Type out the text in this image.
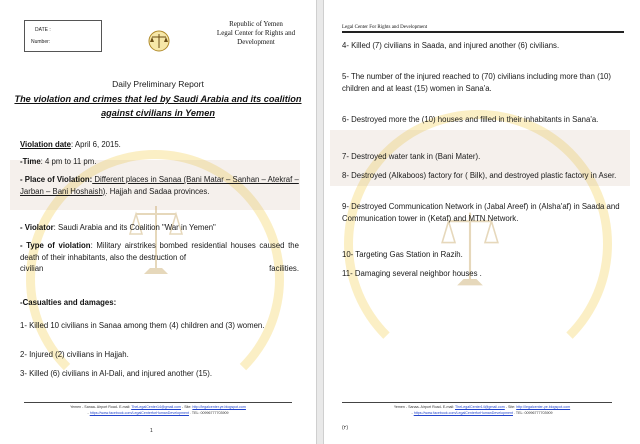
DATE :
Number:
Republic of Yemen
Legal Center for Rights and Development
Daily Preliminary Report
The violation and crimes that led by Saudi Arabia and its coalition against civilians in Yemen
Violation date: April 6, 2015.
-Time: 4 pm to 11 pm.
- Place of Violation: Different places in Sanaa (Bani Matar – Sanhan – Atekraf – Jarban – Bani Hoshaish). Hajjah and Sadaa provinces.
- Violator: Saudi Arabia and its Coalition "War in Yemen"
- Type of violation: Military airstrikes bombed residential houses caused the death of their inhabitants, also the destruction of
civilian	facilities.
-Casualties and damages:
1- Killed 10 civilians in Sanaa among them (4) children and (3) women.
2- Injured (2) civilians in Hajjah.
3- Killed (6) civilians in Al-Dali, and injured another (15).
Yemen - Sanaa- Airport Road- E-mail: TheLegalCenter14@gmail.com - Site: http://legalcenter.ye.blogspot.com
- https://www.facebook.com/LegalCenterforHumanDevelopment . TEL: 00996777703909
1
Legal Center For Rights and Development
4- Killed (7) civilians in Saada, and injured another (6) civilians.
5- The number of the injured reached to (70) civilians including more than (10) children and at least (15) women in Sana'a.
6- Destroyed more the (10) houses and filled in their inhabitants in Sana'a.
7- Destroyed water tank in (Bani Mater).
8- Destroyed (Alkaboos) factory for ( Bilk), and destroyed plastic factory in Aser.
9- Destroyed Communication Network in (Jabal Areef) in (Alsha'af) in Saada and Communication tower in (Ketaf) and MTN Network.
10- Targeting Gas Station in Razih.
11- Damaging several neighbor houses .
Yemen - Sanaa- Airport Road- E-mail: TheLegalCenter14@gmail.com - Site: http://legalcenter-ye.blogspot.com
- https://www.facebook.com/LegalCenterforHumanDevelopment . TEL: 00996777703909
(٢)
